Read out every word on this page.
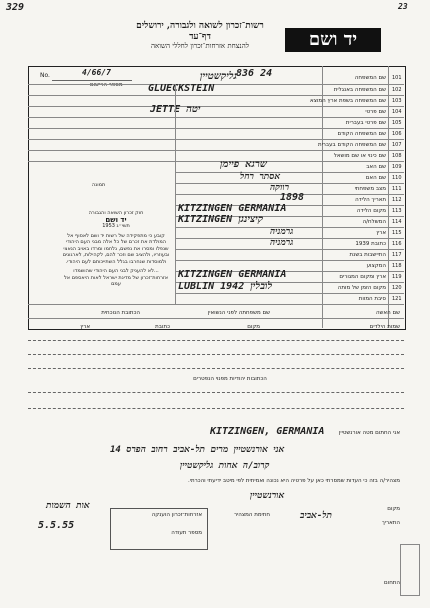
329	23
רשות־זכרון לשואה ולגבורה, ירושלים
דף־עד
להנצחת אזרחות־זכרון לחללי השואה	יד ושם
No.	4/66/7
מספר הרישום
836 24	101
שם המשפחה
גליקשטיין
102
שם המשפחה באנגלית
GLUECKSTEIN
103
שם המשפחה בשפת ארץ המוצא
104
שם פרטי
JETTE יטה
105
שם פרטי בעברית
106
שם המשפחה הקודם
107
שם המשפחה הקודם בעברית
108
שם כינוי או שם מושאל
109
שם האב
שרגא פיימן
110
שם האם
אסתר רחל
111
מצב משפחתי
רווקה
112
תאריך הלידה
1898
113
מקום הלידה
KITZINGEN GERMANIA
114
המשלח/ה
KITZINGEN קיצינגן
115
ארץ
גרמניה
116
כתובת 1939
גרמניה
117
התיישבות בשנת
118
המקצוע
119
ארץ ומקום המגורים
KITZINGEN GERMANIA
120
מקום הזמן של מותה
LUBLIN 1942 לובלין
121
סיבת המוות
תמונה
חוק זכרון השואה והגבורה
יד ושם
תשי״ג 1953
קובע כי מתפקידה של רשות יד ושם לאסוף אל המולדת את זכרם של כל אלה מבני העם היהודי שנפלו ומסרו את נפשם, נלחמו ומרדו באויב הנאצי ובעוזריו, ולהציב שם וזכר להם, לקהילות, לארגונים ולמוסדות שנחרבו בגלל השתייכותם לעם היהודי.
...לא להעניק לבני העם היהודי שהושמדו אזרחות־זכרון של מדינת ישראל לאות היאספם אל עמם
שם האשה
שם משפחתה לפני הנשואין
הכתובת הנוכחית
שמות הילדים
מקום
כתובת
ארץ
הכתובות יהודיות מפנוי הנפטרים
אני החתום מטה אורנשטיין
KITZINGEN, GERMANIA
אני אורנשטיין מרים תל-אביב רחוב הפרס 14
קרוב/ה אחות גליקשטיין
מצהיר/ה בזה כי העדות שמסרתי כאן על פרטיה היא נכונה ואמיתית לפי מיטב ידיעתי והכרתי.
אורנשטיין
תל-אביב
5.5.55
אות השמות
אזרחות־זכרון הוענקה
מספר תעודה
חתימת המצהיר
התאריך
מקום
התחום
